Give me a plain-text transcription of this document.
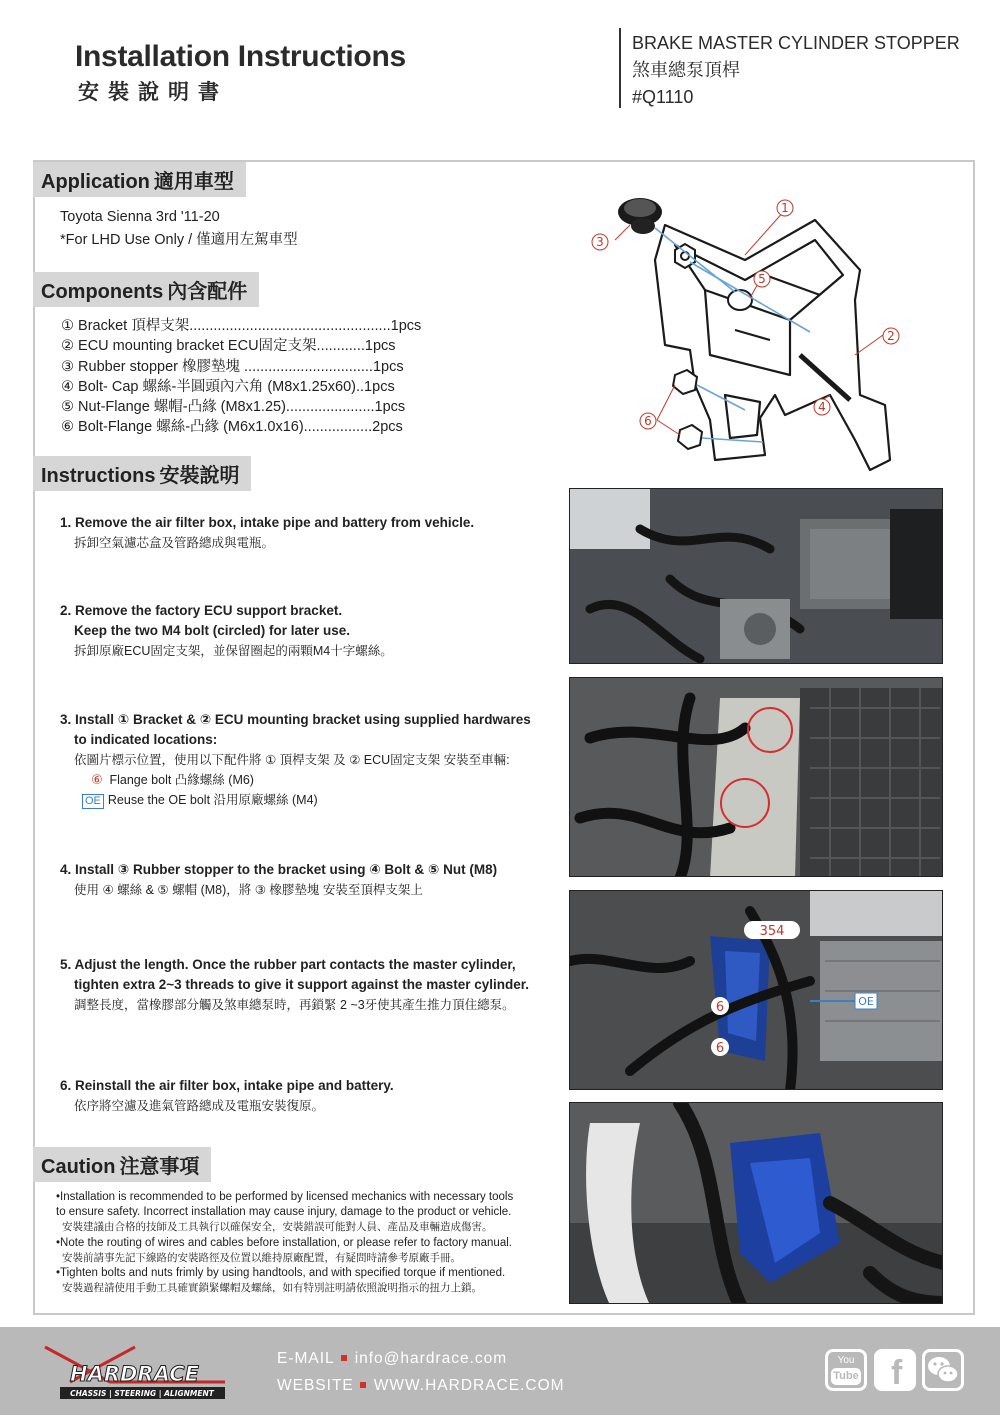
Installation Instructions
安裝說明書
BRAKE MASTER CYLINDER STOPPER
煞車總泵頂桿
#Q1110
Application 適用車型
Toyota Sienna 3rd '11-20
*For LHD Use Only / 僅適用左駕車型
Components 內含配件
① Bracket 頂桿支架..................................................1pcs
② ECU mounting bracket ECU固定支架............1pcs
③ Rubber stopper 橡膠墊塊 ................................1pcs
④ Bolt- Cap 螺絲-半圓頭內六角 (M8x1.25x60)..1pcs
⑤ Nut-Flange 螺帽-凸緣 (M8x1.25)......................1pcs
⑥ Bolt-Flange 螺絲-凸緣 (M6x1.0x16).................2pcs
1
2
3
4
5
6
Instructions 安裝說明
1. Remove the air filter box, intake pipe and battery from vehicle.
拆卸空氣濾芯盒及管路總成與電瓶。
2. Remove the factory ECU support bracket.
Keep the two M4 bolt (circled) for later use.
拆卸原廠ECU固定支架，並保留圈起的兩顆M4十字螺絲。
3. Install ① Bracket & ② ECU mounting bracket using supplied hardwares
to indicated locations:
依圖片標示位置，使用以下配件將 ① 頂桿支架 及 ② ECU固定支架 安裝至車輛:
⑥ Flange bolt 凸緣螺絲 (M6)
OE Reuse the OE bolt 沿用原廠螺絲 (M4)
4. Install ③ Rubber stopper to the bracket using ④ Bolt & ⑤ Nut (M8)
使用 ④ 螺絲 & ⑤ 螺帽 (M8)，將 ③ 橡膠墊塊 安裝至頂桿支架上
5. Adjust the length. Once the rubber part contacts the master cylinder,
tighten extra 2~3 threads to give it support against the master cylinder.
調整長度，當橡膠部分觸及煞車總泵時，再鎖緊 2 ~3牙使其產生推力頂住總泵。
6. Reinstall the air filter box, intake pipe and battery.
依序將空濾及進氣管路總成及電瓶安裝復原。
OE
354
6
6
Caution 注意事項
•Installation is recommended to be performed by licensed mechanics with necessary tools
to ensure safety. Incorrect installation may cause injury, damage to the product or vehicle.
安裝建議由合格的技師及工具執行以確保安全，安裝錯誤可能對人員、產品及車輛造成傷害。
•Note the routing of wires and cables before installation, or please refer to factory manual.
安裝前請事先記下線路的安裝路徑及位置以維持原廠配置，有疑問時請參考原廠手冊。
•Tighten bolts and nuts frimly by using handtools, and with specified torque if mentioned.
安裝過程請使用手動工具確實鎖緊螺帽及螺絲，如有特別註明請依照說明指示的扭力上鎖。
HARDRACE
CHASSIS | STEERING | ALIGNMENT
E-MAIL info@hardrace.com
WEBSITE WWW.HARDRACE.COM
You
Tube f
